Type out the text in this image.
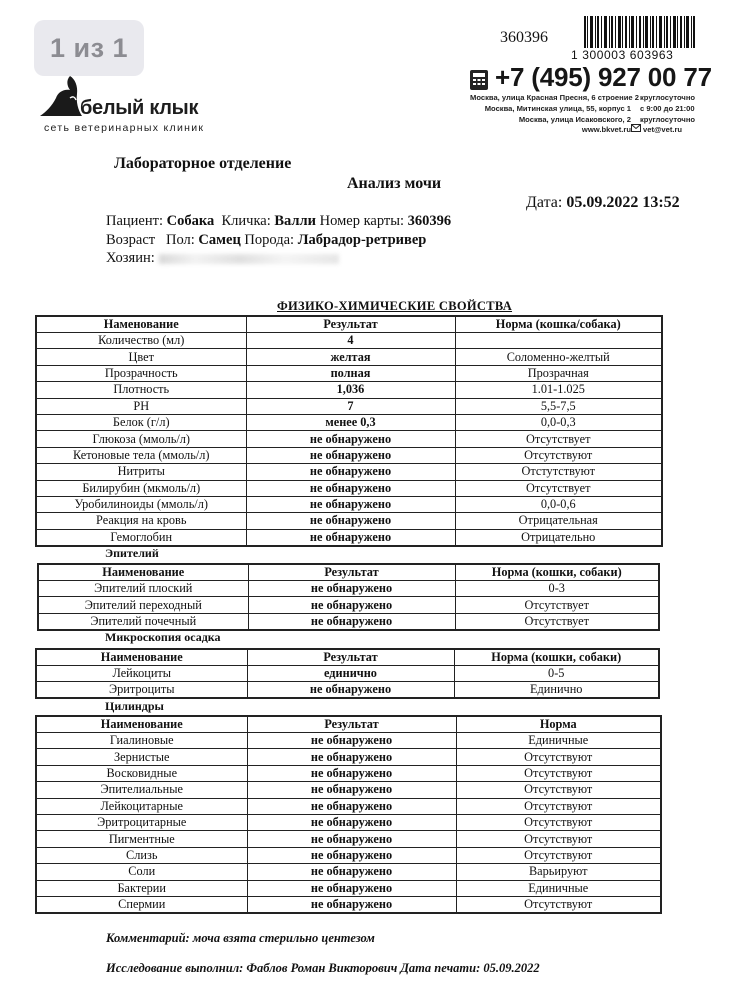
1 из 1
белый клык
сеть ветеринарных клиник
360396
1 300003 603963
+7 (495) 927 00 77
Москва, улица Красная Пресня, 6 строение 2
Москва, Митинская улица, 55, корпус 1
Москва, улица Исаковского, 2
круглосуточно
с 9:00 до 21:00
круглосуточно
www.bkvet.ru vet@vet.ru
Лабораторное отделение
Анализ мочи
Дата: 05.09.2022 13:52
Пациент: Собака Кличка: Валли Номер карты: 360396
Возраст Пол: Самец Порода: Лабрадор-ретривер
Хозяин:
ФИЗИКО-ХИМИЧЕСКИЕ СВОЙСТВА
Наменование	Результат	Норма (кошка/собака)
Количество (мл)	4	
Цвет	желтая	Соломенно-желтый
Прозрачность	полная	Прозрачная
Плотность	1,036	1.01-1.025
PH	7	5,5-7,5
Белок (г/л)	менее 0,3	0,0-0,3
Глюкоза (ммоль/л)	не обнаружено	Отсутствует
Кетоновые тела (ммоль/л)	не обнаружено	Отсутствуют
Нитриты	не обнаружено	Отстутствуют
Билирубин (мкмоль/л)	не обнаружено	Отсутствует
Уробилиноиды (ммоль/л)	не обнаружено	0,0-0,6
Реакция на кровь	не обнаружено	Отрицательная
Гемоглобин	не обнаружено	Отрицательно
Эпителий
Наименование	Результат	Норма (кошки, собаки)
Эпителий плоский	не обнаружено	0-3
Эпителий переходный	не обнаружено	Отсутствует
Эпителий почечный	не обнаружено	Отсутствует
Микроскопия осадка
Наименование	Результат	Норма (кошки, собаки)
Лейкоциты	единично	0-5
Эритроциты	не обнаружено	Единично
Цилиндры
Наименование	Результат	Норма
Гиалиновые	не обнаружено	Единичные
Зернистые	не обнаружено	Отсутствуют
Восковидные	не обнаружено	Отсутствуют
Эпителиальные	не обнаружено	Отсутствуют
Лейкоцитарные	не обнаружено	Отсутствуют
Эритроцитарные	не обнаружено	Отсутствуют
Пигментные	не обнаружено	Отсутствуют
Слизь	не обнаружено	Отсутствуют
Соли	не обнаружено	Варьируют
Бактерии	не обнаружено	Единичные
Спермии	не обнаружено	Отсутствуют
Комментарий: моча взята стерильно центезом
Исследование выполнил: Фаблов Роман Викторович Дата печати: 05.09.2022
